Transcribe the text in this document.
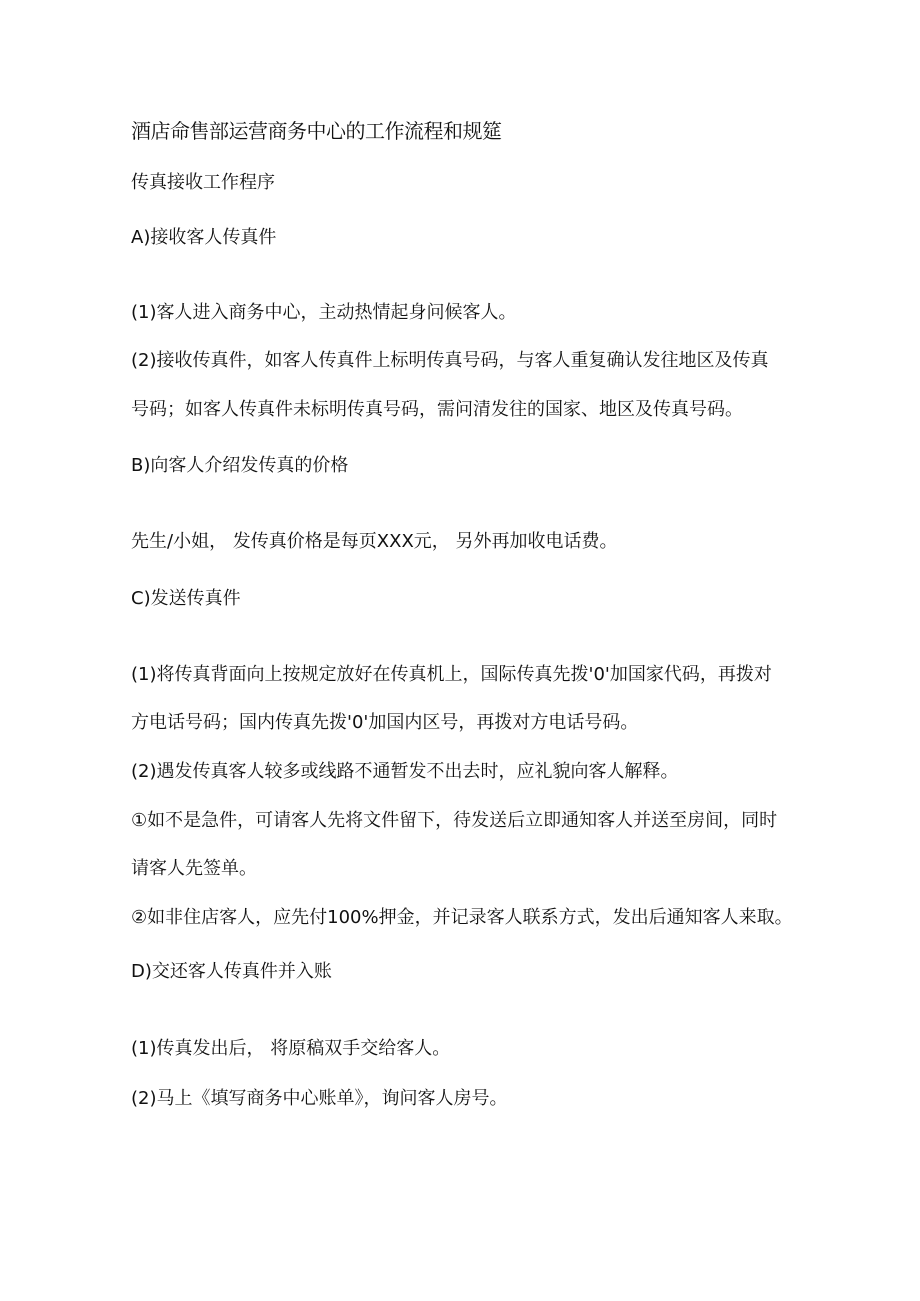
酒店命售部运营商务中心的工作流程和规筵
传真接收工作程序
A)接收客人传真件
(1)客人进入商务中心，主动热情起身问候客人。
(2)接收传真件，如客人传真件上标明传真号码，与客人重复确认发往地区及传真
号码；如客人传真件未标明传真号码，需问清发往的国家、地区及传真号码。
B)向客人介绍发传真的价格
先生/小姐， 发传真价格是每页XXX元， 另外再加收电话费。
C)发送传真件
(1)将传真背面向上按规定放好在传真机上，国际传真先拨'0'加国家代码，再拨对
方电话号码；国内传真先拨'0'加国内区号，再拨对方电话号码。
(2)遇发传真客人较多或线路不通暂发不出去时，应礼貌向客人解释。
①如不是急件，可请客人先将文件留下，待发送后立即通知客人并送至房间，同时
请客人先签单。
②如非住店客人，应先付100%押金，并记录客人联系方式，发出后通知客人来取。
D)交还客人传真件并入账
(1)传真发出后， 将原稿双手交给客人。
(2)马上《填写商务中心账单》，询问客人房号。
